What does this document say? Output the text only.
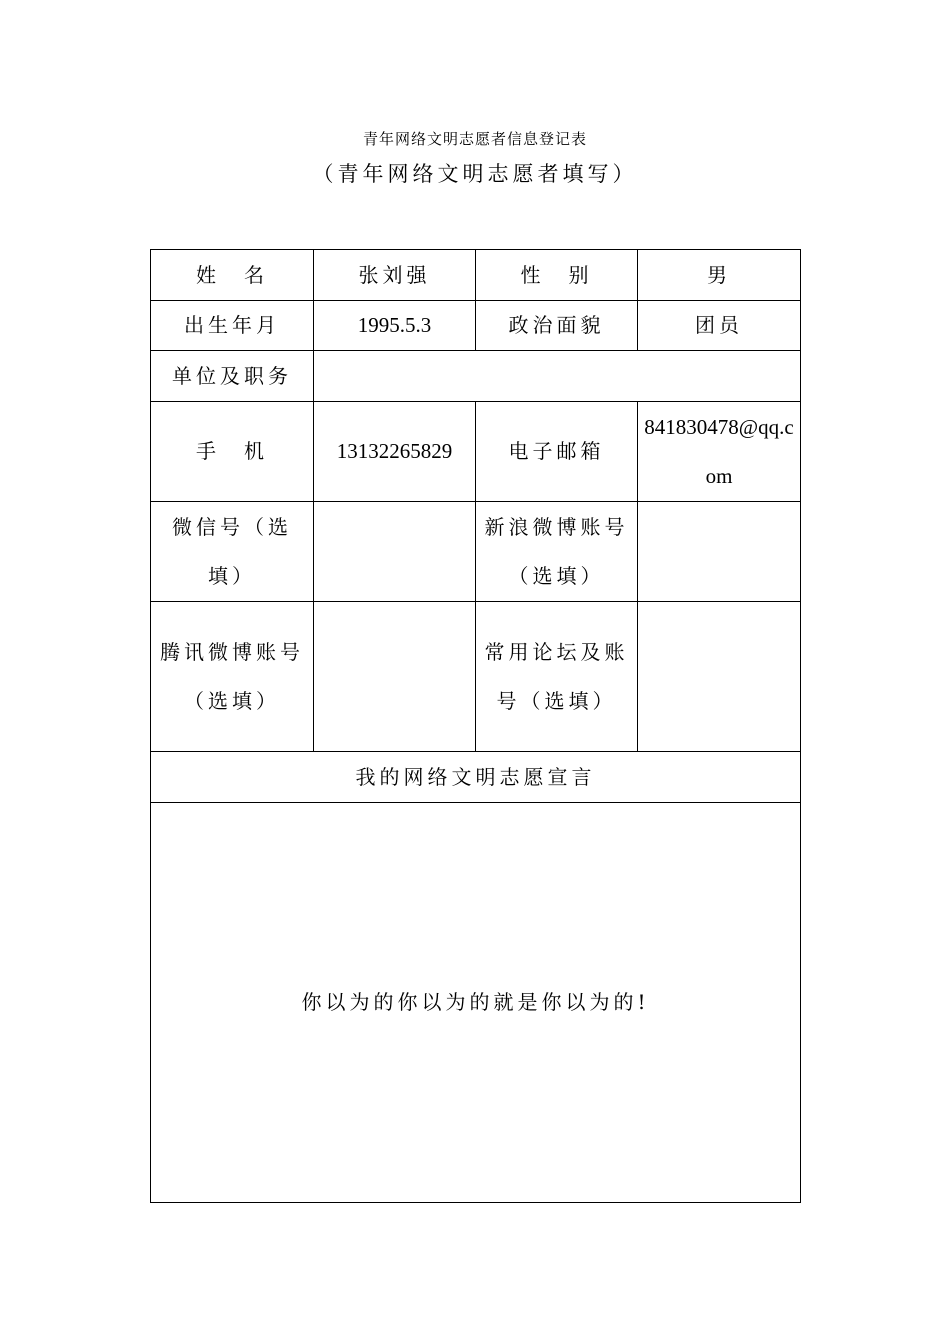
青年网络文明志愿者信息登记表
（青年网络文明志愿者填写）
姓　名	张刘强	性　别	男
出生年月	1995.5.3	政治面貌	团员
单位及职务			
手　机	13132265829	电子邮箱	841830478@qq.com
微信号（选填）		新浪微博账号（选填）	
腾讯微博账号（选填）		常用论坛及账号（选填）	
我的网络文明志愿宣言			
你以为的你以为的就是你以为的!			
